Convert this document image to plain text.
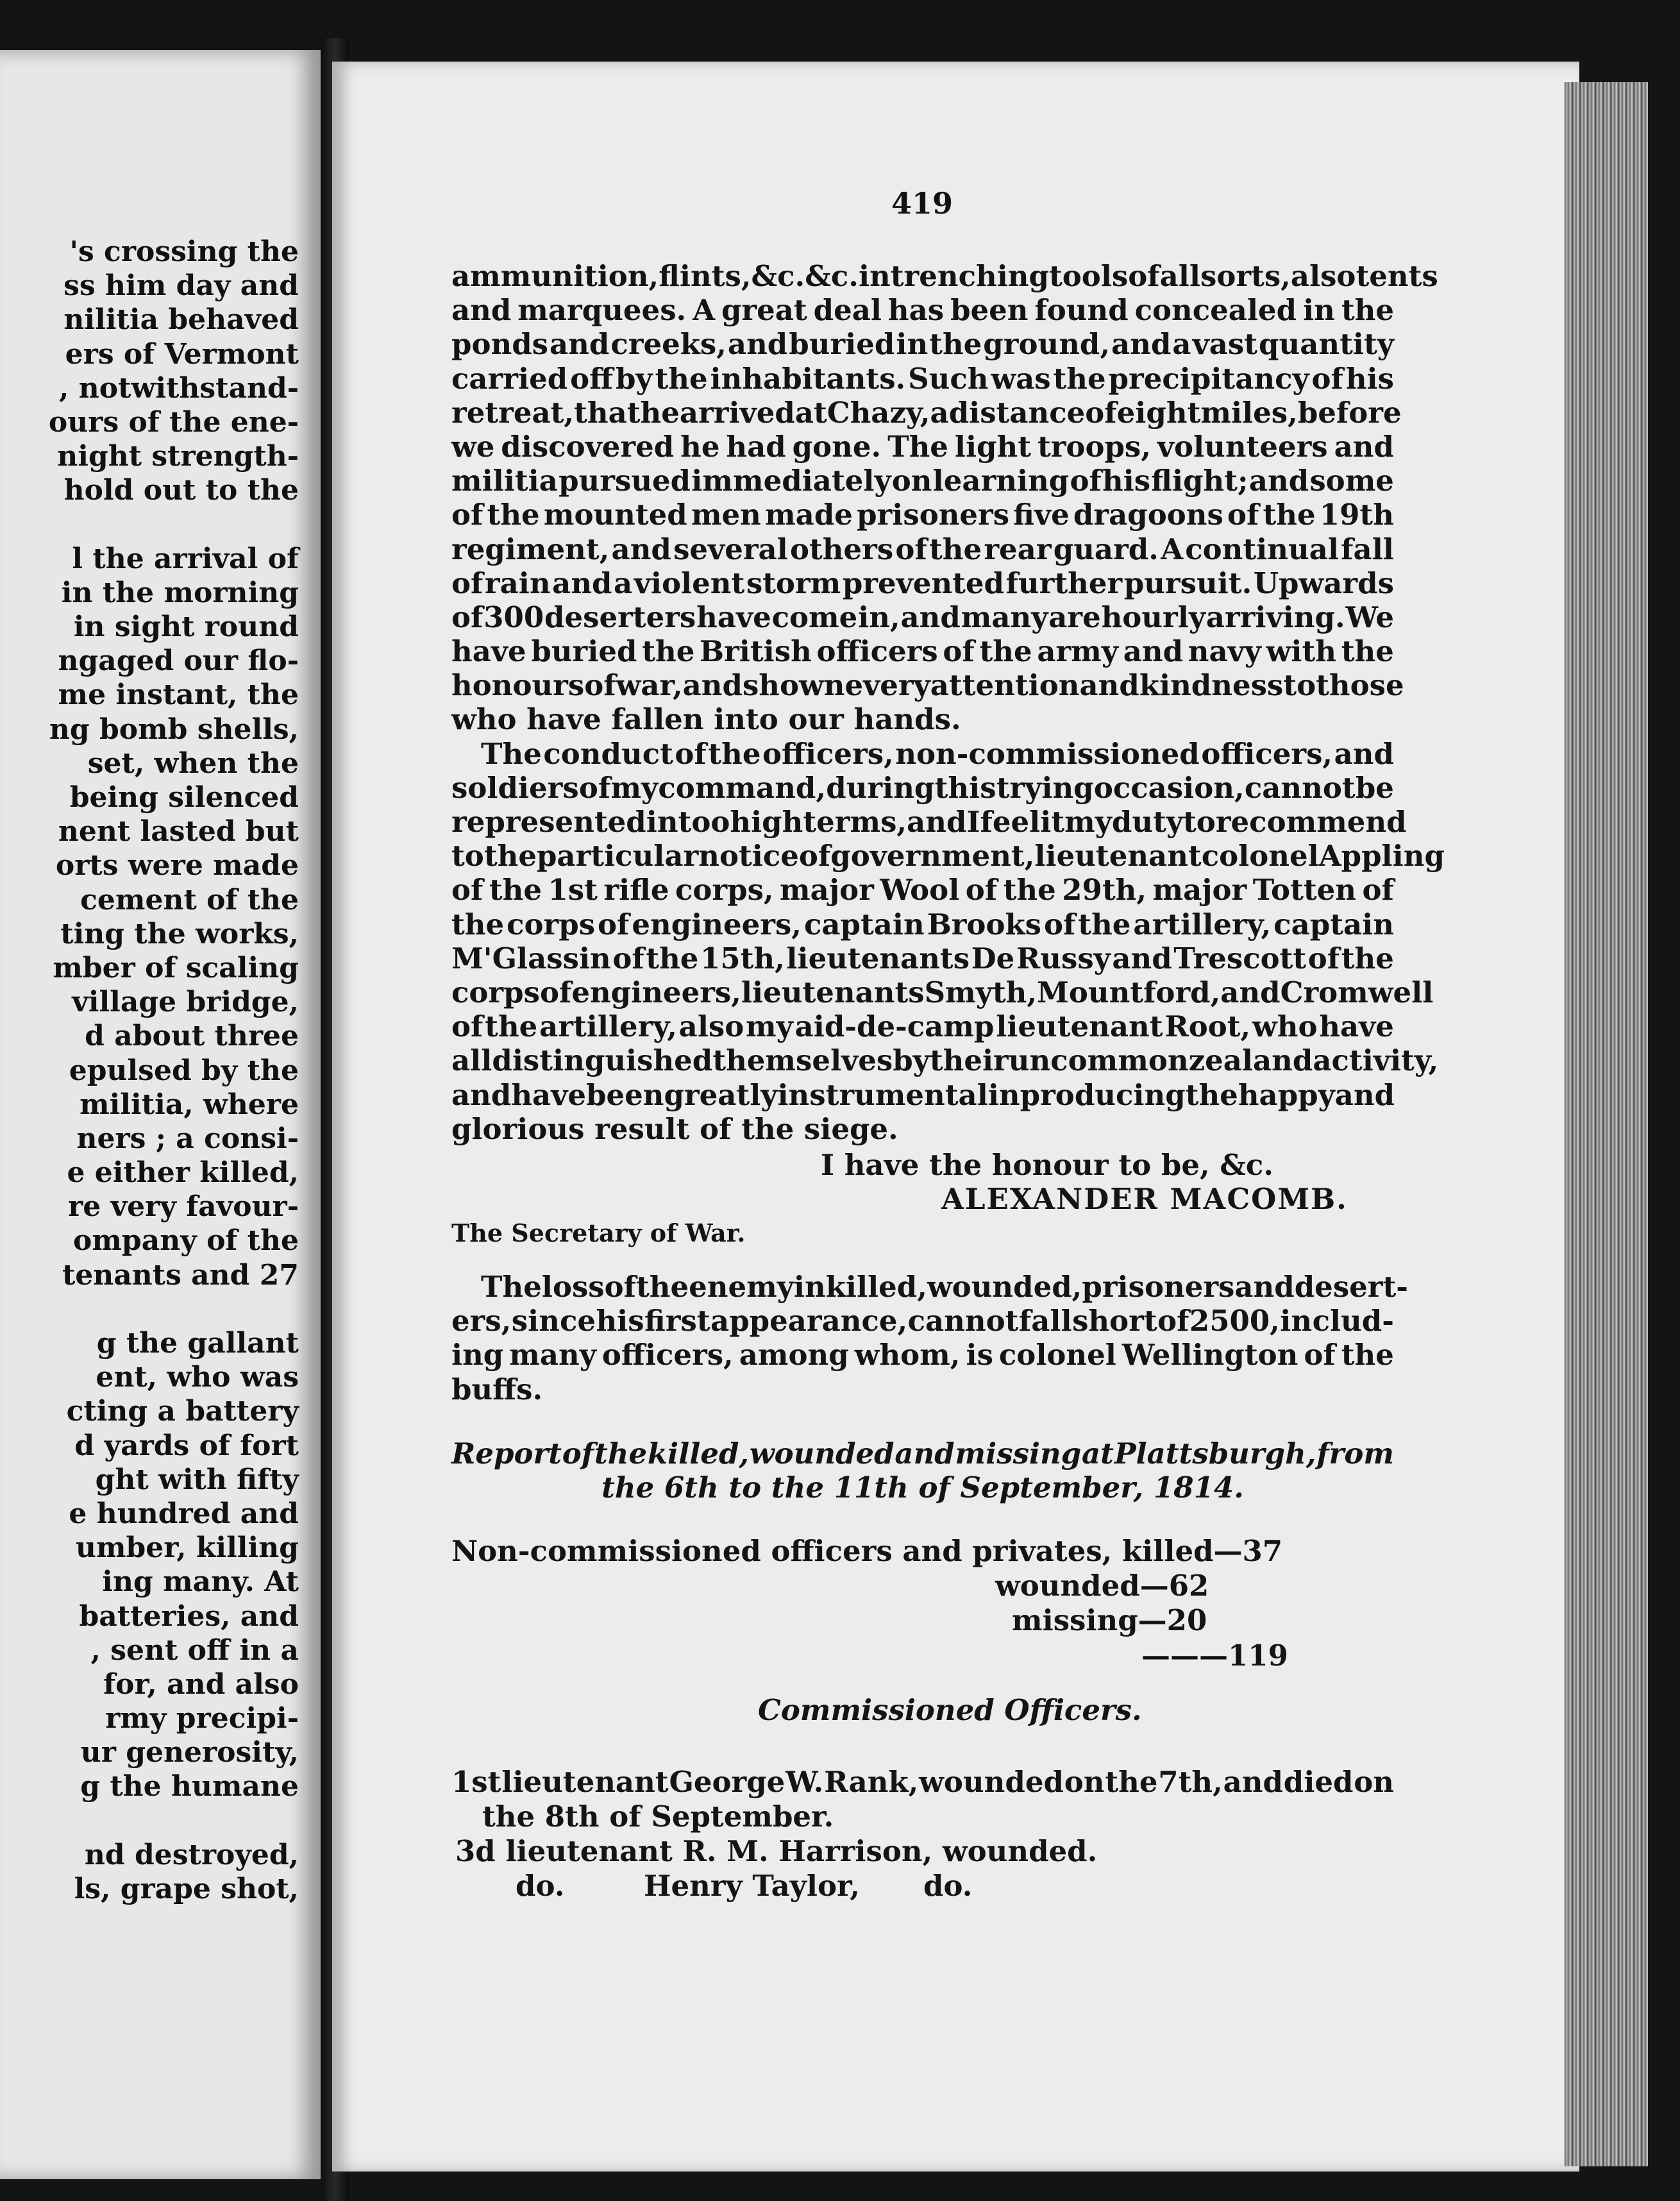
's crossing the
ss him day and
nilitia behaved
ers of Vermont
, notwithstand-
ours of the ene-
night strength-
hold out to the
l the arrival of
in the morning
in sight round
ngaged our flo-
me instant, the
ng bomb shells,
set, when the
being silenced
nent lasted but
orts were made
cement of the
ting the works,
mber of scaling
village bridge,
d about three
epulsed by the
militia, where
ners ; a consi-
e either killed,
re very favour-
ompany of the
tenants and 27
g the gallant
ent, who was
cting a battery
d yards of fort
ght with fifty
e hundred and
umber, killing
ing many. At
batteries, and
, sent off in a
for, and also
rmy precipi-
ur generosity,
g the humane
nd destroyed,
ls, grape shot,
419
ammunition, flints, &c. &c. intrenching tools of all sorts, also tents
and marquees. A great deal has been found concealed in the
ponds and creeks, and buried in the ground, and a vast quantity
carried off by the inhabitants. Such was the precipitancy of his
retreat, that he arrived at Chazy, a distance of eight miles, before
we discovered he had gone. The light troops, volunteers and
militia pursued immediately on learning of his flight; and some
of the mounted men made prisoners five dragoons of the 19th
regiment, and several others of the rear guard. A continual fall
of rain and a violent storm prevented further pursuit. Upwards
of 300 deserters have come in, and many are hourly arriving. We
have buried the British officers of the army and navy with the
honours of war, and shown every attention and kindness to those
who have fallen into our hands.
The conduct of the officers, non-commissioned officers, and
soldiers of my command, during this trying occasion, cannot be
represented in too high terms, and I feel it my duty to recommend
to the particular notice of government, lieutenant colonel Appling
of the 1st rifle corps, major Wool of the 29th, major Totten of
the corps of engineers, captain Brooks of the artillery, captain
M'Glassin of the 15th, lieutenants De Russy and Trescott of the
corps of engineers, lieutenants Smyth, Mountford, and Cromwell
of the artillery, also my aid-de-camp lieutenant Root, who have
all distinguished themselves by their uncommon zeal and activity,
and have been greatly instrumental in producing the happy and
glorious result of the siege.
I have the honour to be, &c.
ALEXANDER MACOMB.
The Secretary of War.
The loss of the enemy in killed, wounded, prisoners and desert-
ers, since his first appearance, cannot fall short of 2500, in clud-
ing many officers, among whom, is colonel Wellington of the
buffs.
Report of the killed, wounded and missing at Plattsburgh, from
the 6th to the 11th of September, 1814.
Non-commissioned officers and privates, killed—37
wounded—62
missing—20
———119
Commissioned Officers.
1st lieutenant George W. Rank, wounded on the 7th, and died on
the 8th of September.
3d lieutenant R. M. Harrison, wounded.
do.	Henry Taylor, do.
